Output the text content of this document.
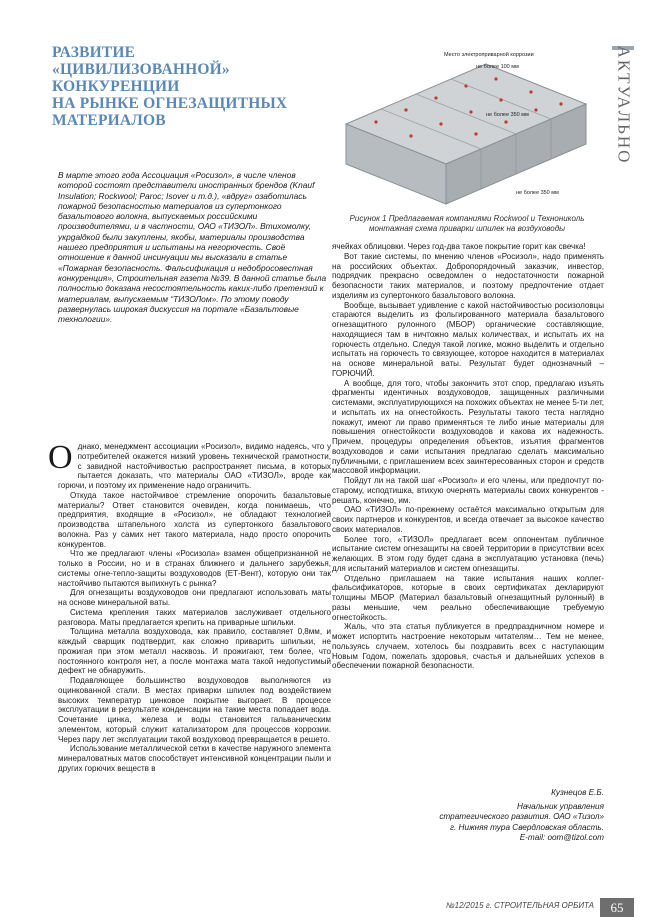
РАЗВИТИЕ
«ЦИВИЛИЗОВАННОЙ»
КОНКУРЕНЦИИ
НА РЫНКЕ ОГНЕЗАЩИТНЫХ
МАТЕРИАЛОВ	АКТУАЛЬНО
В марте этого года Ассоциация «Росизол», в числе членов которой состоят представители иностранных брендов (Knauf Insulation; Rockwool; Paroc; Isover и т.д.), «вдруг» озаботилась пожарной безопасностью материалов из супертонкого базальтового волокна, выпускаемых российскими производителями, и в частности, ОАО «ТИЗОЛ». Втихомолку, укрgalдкой были закуплены, якобы, материалы производства нашего предприятия и испытаны на негорючесть. Своё отношение к данной инсинуации мы высказали в статье «Пожарная безопасность. Фальсификация и недобросовестная конкуренция», Строительная газета №39. В данной статье была полностью доказана несостоятельность каких-либо претензий к материалам, выпускаемым “ТИЗОЛом». По этому поводу развернулась широкая дискуссия на портале «Базальтовые технологии».
Место электроприварной коррозии
не более 100 мм
не более 350 мм
не более 350 мм
Рисунок 1 Предлагаемая компаниями Rockwool и Технониколь монтажная схема приварки шпилек на воздуховоды

Однако, менеджмент ассоциации «Росизол», видимо надеясь, что у потребителей окажется низкий уровень технической грамотности, с завидной настойчивостью распространяет письма, в которых пытается доказать, что материалы ОАО «ТИЗОЛ», вроде как горючи, и поэтому их применение надо ограничить.

Откуда такое настойчивое стремление опорочить базальтовые материалы? Ответ становится очевиден, когда понимаешь, что предприятия, входящие в «Росизол», не обладают технологией производства штапельного холста из супертонкого базальтового волокна. Раз у самих нет такого материала, надо просто опорочить конкурентов.

Что же предлагают члены «Росизола» взамен общепризнанной не только в России, но и в странах ближнего и дальнего зарубежья, системы огне-тепло-защиты воздуховодов (ЕТ-Вент), которую они так настойчиво пытаются выпихнуть с рынка?

Для огнезащиты воздуховодов они предлагают использовать маты на основе минеральной ваты.

Система крепления таких материалов заслуживает отдельного разговора. Маты предлагается крепить на приварные шпильки.

Толщина металла воздуховода, как правило, составляет 0,8мм, и каждый сварщик подтвердит, как сложно приварить шпильки, не прожигая при этом металл насквозь. И прожигают, тем более, что постоянного контроля нет, а после монтажа мата такой недопустимый дефект не обнаружить.

Подавляющее большинство воздуховодов выполняются из оцинкованной стали. В местах приварки шпилек под воздействием высоких температур цинковое покрытие выгорает. В процессе эксплуатации в результате конденсации на такие места попадает вода. Сочетание цинка, железа и воды становится гальваническим элементом, который служит катализатором для процессов коррозии. Через пару лет эксплуатации такой воздуховод превращается в решето.

Использование металлической сетки в качестве наружного элемента минераловатных матов способствует интенсивной концентрации пыли и других горючих веществ в

ячейках облицовки. Через год-два такое покрытие горит как свечка!

Вот такие системы, по мнению членов «Росизол», надо применять на российских объектах. Добропорядочный заказчик, инвестор, подрядчик прекрасно осведомлен о недостаточности пожарной безопасности таких материалов, и поэтому предпочтение отдает изделиям из супертонкого базальтового волокна.

Вообще, вызывает удивление с какой настойчивостью росизоловцы стараются выделить из фольгированного материала базальтового огнезащитного рулонного (МБОР) органические составляющие, находящиеся там в ничтожно малых количествах, и испытать их на горючесть отдельно. Следуя такой логике, можно выделить и отдельно испытать на горючесть то связующее, которое находится в материалах на основе минеральной ваты. Результат будет однозначный – ГОРЮЧИЙ.

А вообще, для того, чтобы закончить этот спор, предлагаю изъять фрагменты идентичных воздуховодов, защищенных различными системами, эксплуатирующихся на похожих объектах не менее 5-ти лет, и испытать их на огнестойкость. Результаты такого теста наглядно покажут, имеют ли право применяться те либо иные материалы для повышения огнестойкости воздуховодов и какова их надежность. Причем, процедуры определения объектов, изъятия фрагментов воздуховодов и сами испытания предлагаю сделать максимально публичными, с приглашением всех заинтересованных сторон и средств массовой информации.

Пойдут ли на такой шаг «Росизол» и его члены, или предпочтут по-старому, исподтишка, втихую очернять материалы своих конкурентов - решать, конечно, им.

ОАО «ТИЗОЛ» по-прежнему остаётся максимально открытым для своих партнеров и конкурентов, и всегда отвечает за высокое качество своих материалов.

Более того, «ТИЗОЛ» предлагает всем оппонентам публичное испытание систем огнезащиты на своей территории в присутствии всех желающих. В этом году будет сдана в эксплуатацию установка (печь) для испытаний материалов и систем огнезащиты.

Отдельно приглашаем на такие испытания наших коллег-фальсификаторов, которые в своих сертификатах декларируют толщины МБОР (Материал базальтовый огнезащитный рулонный) в разы меньшие, чем реально обеспечивающие требуемую огнестойкость.

Жаль, что эта статья публикуется в предпраздничном номере и может испортить настроение некоторым читателям… Тем не менее, пользуясь случаем, хотелось бы поздравить всех с наступающим Новым Годом, пожелать здоровья, счастья и дальнейших успехов в обеспечении пожарной безопасности.

Кузнецов Е.Б.
Начальник управления
стратегического развития. ОАО «Тизол»
г. Нижняя тура Свердловская область.
E-mail: oom@tizol.com
№12/2015 г. СТРОИТЕЛЬНАЯ ОРБИТА	65
